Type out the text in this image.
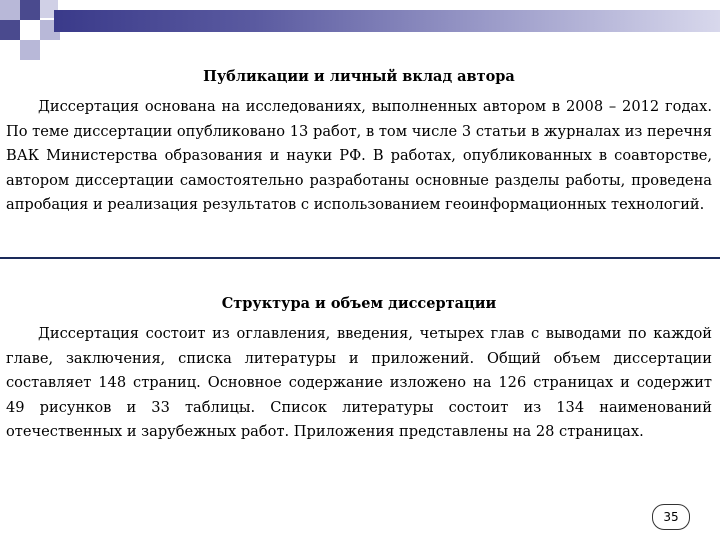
Публикации и личный вклад автора

Диссертация основана на исследованиях, выполненных автором в 2008 – 2012 годах. По теме диссертации опубликовано 13 работ, в том числе 3 статьи в журналах из перечня ВАК Министерства образования и науки РФ. В работах, опубликованных в соавторстве, автором диссертации самостоятельно разработаны основные разделы работы, проведена апробация и реализация результатов с использованием геоинформационных технологий.

Структура и объем диссертации

Диссертация состоит из оглавления, введения, четырех глав с выводами по каждой главе, заключения, списка литературы и приложений. Общий объем диссертации составляет 148 страниц. Основное содержание изложено на 126 страницах и содержит 49 рисунков и 33 таблицы. Список литературы состоит из 134 наименований отечественных и зарубежных работ. Приложения представлены на 28 страницах.

35
